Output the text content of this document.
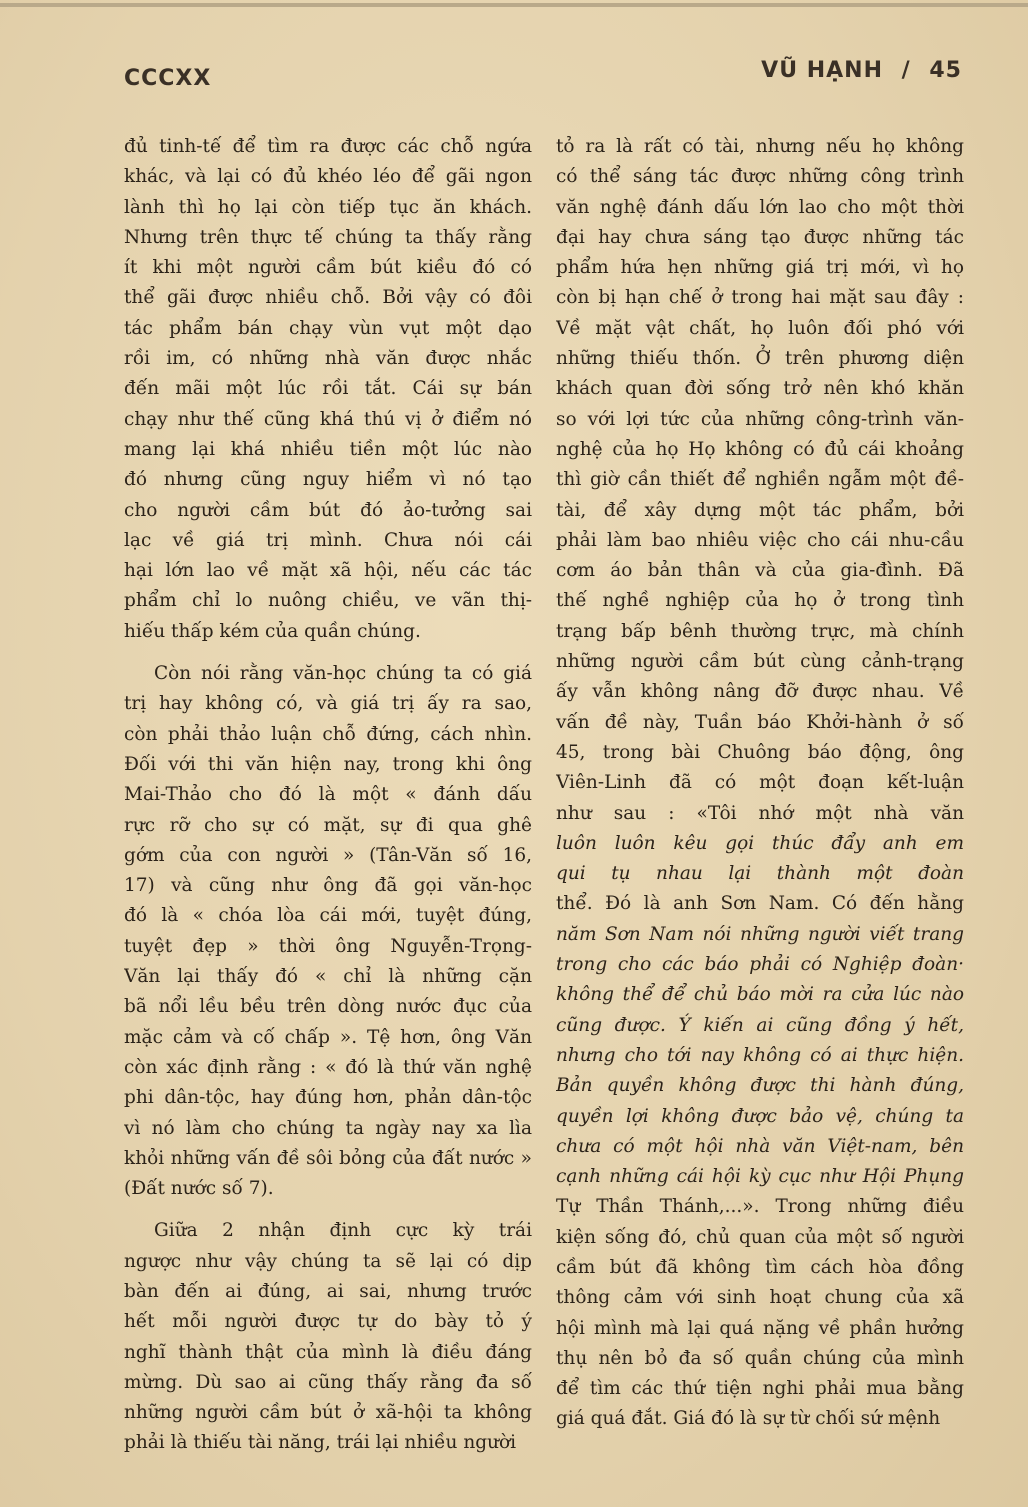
CCCXX	VŨ HẠNH / 45
đủ tinh-tế để tìm ra được các chỗ ngứa
khác, và lại có đủ khéo léo để gãi ngon
lành thì họ lại còn tiếp tục ăn khách.
Nhưng trên thực tế chúng ta thấy rằng
ít khi một người cầm bút kiều đó có
thể gãi được nhiều chỗ. Bởi vậy có đôi
tác phẩm bán chạy vùn vụt một dạo
rồi im, có những nhà văn được nhắc
đến mãi một lúc rồi tắt. Cái sự bán
chạy như thế cũng khá thú vị ở điểm nó
mang lại khá nhiều tiền một lúc nào
đó nhưng cũng nguy hiểm vì nó tạo
cho người cầm bút đó ảo-tưởng sai
lạc về giá trị mình. Chưa nói cái
hại lớn lao về mặt xã hội, nếu các tác
phẩm chỉ lo nuông chiều, ve vãn thị-
hiếu thấp kém của quần chúng.
Còn nói rằng văn-học chúng ta có giá
trị hay không có, và giá trị ấy ra sao,
còn phải thảo luận chỗ đứng, cách nhìn.
Đối với thi văn hiện nay, trong khi ông
Mai-Thảo cho đó là một « đánh dấu
rực rỡ cho sự có mặt, sự đi qua ghê
gớm của con người » (Tân-Văn số 16,
17) và cũng như ông đã gọi văn-học
đó là « chóa lòa cái mới, tuyệt đúng,
tuyệt đẹp » thời ông Nguyễn-Trọng-
Văn lại thấy đó « chỉ là những cặn
bã nổi lều bều trên dòng nước đục của
mặc cảm và cố chấp ». Tệ hơn, ông Văn
còn xác định rằng : « đó là thứ văn nghệ
phi dân-tộc, hay đúng hơn, phản dân-tộc
vì nó làm cho chúng ta ngày nay xa lìa
khỏi những vấn đề sôi bỏng của đất nước »
(Đất nước số 7).
Giữa 2 nhận định cực kỳ trái
ngược như vậy chúng ta sẽ lại có dịp
bàn đến ai đúng, ai sai, nhưng trước
hết mỗi người được tự do bày tỏ ý
nghĩ thành thật của mình là điều đáng
mừng. Dù sao ai cũng thấy rằng đa số
những người cầm bút ở xã-hội ta không
phải là thiếu tài năng, trái lại nhiều người
tỏ ra là rất có tài, nhưng nếu họ không
có thể sáng tác được những công trình
văn nghệ đánh dấu lớn lao cho một thời
đại hay chưa sáng tạo được những tác
phẩm hứa hẹn những giá trị mới, vì họ
còn bị hạn chế ở trong hai mặt sau đây :
Về mặt vật chất, họ luôn đối phó với
những thiếu thốn. Ở trên phương diện
khách quan đời sống trở nên khó khăn
so với lợi tức của những công-trình văn-
nghệ của họ Họ không có đủ cái khoảng
thì giờ cần thiết để nghiền ngẫm một đề-
tài, để xây dựng một tác phẩm, bởi
phải làm bao nhiêu việc cho cái nhu-cầu
cơm áo bản thân và của gia-đình. Đã
thế nghề nghiệp của họ ở trong tình
trạng bấp bênh thường trực, mà chính
những người cầm bút cùng cảnh-trạng
ấy vẫn không nâng đỡ được nhau. Về
vấn đề này, Tuần báo Khởi-hành ở số
45, trong bài Chuông báo động, ông
Viên-Linh đã có một đoạn kết-luận
như sau : «Tôi nhớ một nhà văn
luôn luôn kêu gọi thúc đẩy anh em
qui tụ nhau lại thành một đoàn
thể. Đó là anh Sơn Nam. Có đến hằng
năm Sơn Nam nói những người viết trang
trong cho các báo phải có Nghiệp đoàn·
không thể để chủ báo mời ra cửa lúc nào
cũng được. Ý kiến ai cũng đồng ý hết,
nhưng cho tới nay không có ai thực hiện.
Bản quyền không được thi hành đúng,
quyền lợi không được bảo vệ, chúng ta
chưa có một hội nhà văn Việt-nam, bên
cạnh những cái hội kỳ cục như Hội Phụng
Tự Thần Thánh,...». Trong những điều
kiện sống đó, chủ quan của một số người
cầm bút đã không tìm cách hòa đồng
thông cảm với sinh hoạt chung của xã
hội mình mà lại quá nặng về phần hưởng
thụ nên bỏ đa số quần chúng của mình
để tìm các thứ tiện nghi phải mua bằng
giá quá đắt. Giá đó là sự từ chối sứ mệnh
